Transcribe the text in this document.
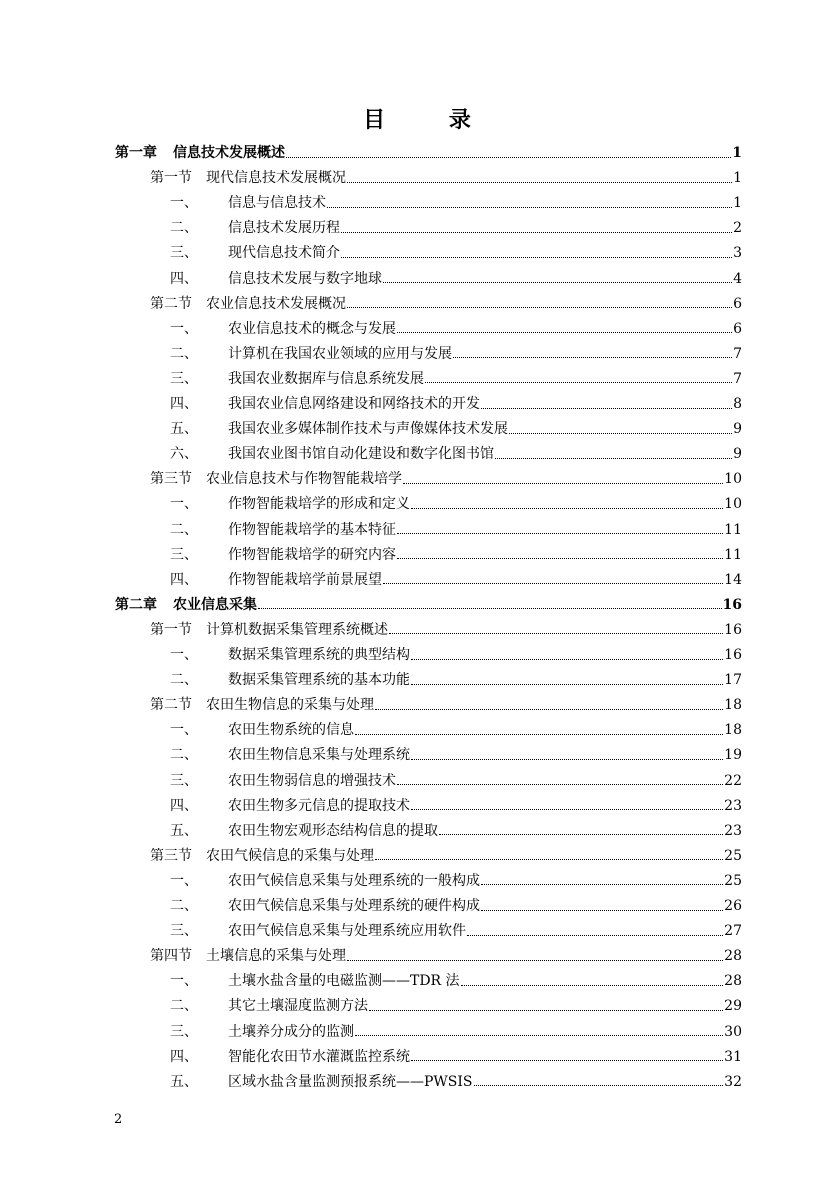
目 录
第一章	信息技术发展概述	1
第一节	现代信息技术发展概况	1
一、	信息与信息技术	1
二、	信息技术发展历程	2
三、	现代信息技术简介	3
四、	信息技术发展与数字地球	4
第二节	农业信息技术发展概况	6
一、	农业信息技术的概念与发展	6
二、	计算机在我国农业领域的应用与发展	7
三、	我国农业数据库与信息系统发展	7
四、	我国农业信息网络建设和网络技术的开发	8
五、	我国农业多媒体制作技术与声像媒体技术发展	9
六、	我国农业图书馆自动化建设和数字化图书馆	9
第三节	农业信息技术与作物智能栽培学	10
一、	作物智能栽培学的形成和定义	10
二、	作物智能栽培学的基本特征	11
三、	作物智能栽培学的研究内容	11
四、	作物智能栽培学前景展望	14
第二章	农业信息采集	16
第一节	计算机数据采集管理系统概述	16
一、	数据采集管理系统的典型结构	16
二、	数据采集管理系统的基本功能	17
第二节	农田生物信息的采集与处理	18
一、	农田生物系统的信息	18
二、	农田生物信息采集与处理系统	19
三、	农田生物弱信息的增强技术	22
四、	农田生物多元信息的提取技术	23
五、	农田生物宏观形态结构信息的提取	23
第三节	农田气候信息的采集与处理	25
一、	农田气候信息采集与处理系统的一般构成	25
二、	农田气候信息采集与处理系统的硬件构成	26
三、	农田气候信息采集与处理系统应用软件	27
第四节	土壤信息的采集与处理	28
一、	土壤水盐含量的电磁监测——TDR 法	28
二、	其它土壤湿度监测方法	29
三、	土壤养分成分的监测	30
四、	智能化农田节水灌溉监控系统	31
五、	区域水盐含量监测预报系统——PWSIS	32
2
